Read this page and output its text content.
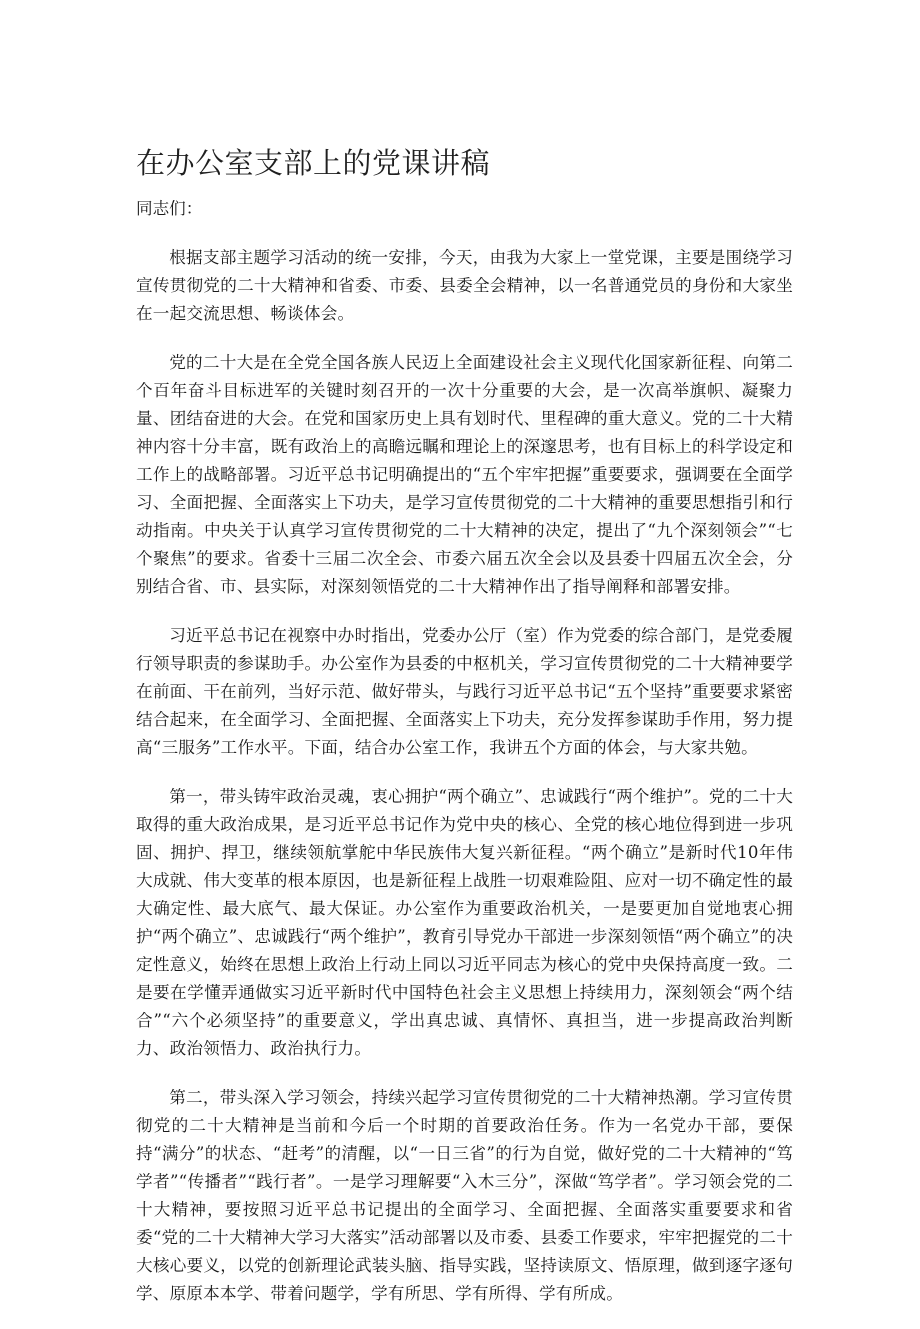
在办公室支部上的党课讲稿

同志们：

根据支部主题学习活动的统一安排，今天，由我为大家上一堂党课，主要是围绕学习宣传贯彻党的二十大精神和省委、市委、县委全会精神，以一名普通党员的身份和大家坐在一起交流思想、畅谈体会。

党的二十大是在全党全国各族人民迈上全面建设社会主义现代化国家新征程、向第二个百年奋斗目标进军的关键时刻召开的一次十分重要的大会，是一次高举旗帜、凝聚力量、团结奋进的大会。在党和国家历史上具有划时代、里程碑的重大意义。党的二十大精神内容十分丰富，既有政治上的高瞻远瞩和理论上的深邃思考，也有目标上的科学设定和工作上的战略部署。习近平总书记明确提出的“五个牢牢把握”重要要求，强调要在全面学习、全面把握、全面落实上下功夫，是学习宣传贯彻党的二十大精神的重要思想指引和行动指南。中央关于认真学习宣传贯彻党的二十大精神的决定，提出了“九个深刻领会”“七个聚焦”的要求。省委十三届二次全会、市委六届五次全会以及县委十四届五次全会，分别结合省、市、县实际，对深刻领悟党的二十大精神作出了指导阐释和部署安排。

习近平总书记在视察中办时指出，党委办公厅（室）作为党委的综合部门，是党委履行领导职责的参谋助手。办公室作为县委的中枢机关，学习宣传贯彻党的二十大精神要学在前面、干在前列，当好示范、做好带头，与践行习近平总书记“五个坚持”重要要求紧密结合起来，在全面学习、全面把握、全面落实上下功夫，充分发挥参谋助手作用，努力提高“三服务”工作水平。下面，结合办公室工作，我讲五个方面的体会，与大家共勉。

第一，带头铸牢政治灵魂，衷心拥护“两个确立”、忠诚践行“两个维护”。党的二十大取得的重大政治成果，是习近平总书记作为党中央的核心、全党的核心地位得到进一步巩固、拥护、捍卫，继续领航掌舵中华民族伟大复兴新征程。“两个确立”是新时代10年伟大成就、伟大变革的根本原因，也是新征程上战胜一切艰难险阻、应对一切不确定性的最大确定性、最大底气、最大保证。办公室作为重要政治机关，一是要更加自觉地衷心拥护“两个确立”、忠诚践行“两个维护”，教育引导党办干部进一步深刻领悟“两个确立”的决定性意义，始终在思想上政治上行动上同以习近平同志为核心的党中央保持高度一致。二是要在学懂弄通做实习近平新时代中国特色社会主义思想上持续用力，深刻领会“两个结合”“六个必须坚持”的重要意义，学出真忠诚、真情怀、真担当，进一步提高政治判断力、政治领悟力、政治执行力。

第二，带头深入学习领会，持续兴起学习宣传贯彻党的二十大精神热潮。学习宣传贯彻党的二十大精神是当前和今后一个时期的首要政治任务。作为一名党办干部，要保持“满分”的状态、“赶考”的清醒，以“一日三省”的行为自觉，做好党的二十大精神的“笃学者”“传播者”“践行者”。一是学习理解要“入木三分”，深做“笃学者”。学习领会党的二十大精神，要按照习近平总书记提出的全面学习、全面把握、全面落实重要要求和省委“党的二十大精神大学习大落实”活动部署以及市委、县委工作要求，牢牢把握党的二十大核心要义，以党的创新理论武装头脑、指导实践，坚持读原文、悟原理，做到逐字逐句学、原原本本学、带着问题学，学有所思、学有所得、学有所成。
